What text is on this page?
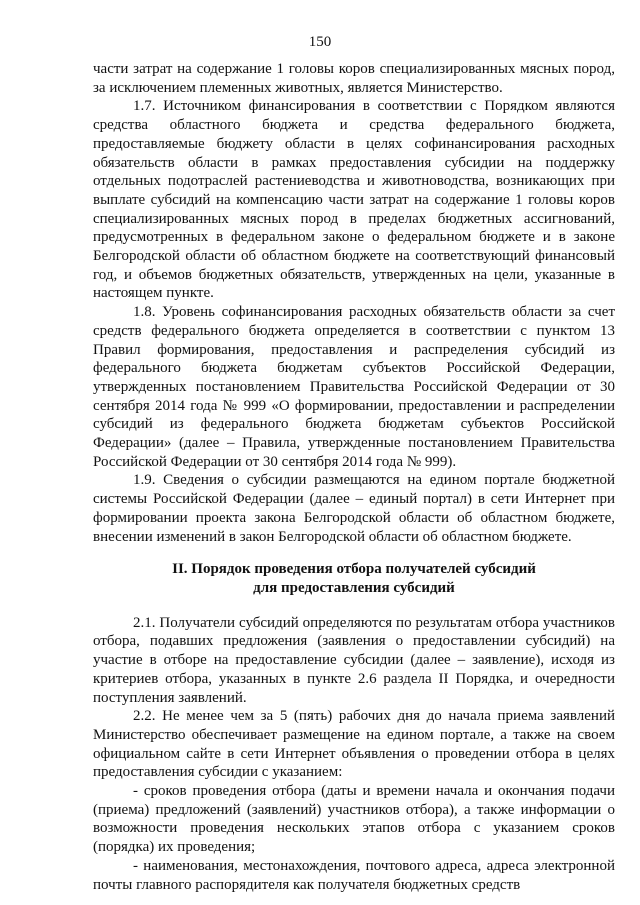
150

части затрат на содержание 1 головы коров специализированных мясных пород, за исключением племенных животных, является Министерство.

1.7. Источником финансирования в соответствии с Порядком являются средства областного бюджета и средства федерального бюджета, предоставляемые бюджету области в целях софинансирования расходных обязательств области в рамках предоставления субсидии на поддержку отдельных подотраслей растениеводства и животноводства, возникающих при выплате субсидий на компенсацию части затрат на содержание 1 головы коров специализированных мясных пород в пределах бюджетных ассигнований, предусмотренных в федеральном законе о федеральном бюджете и в законе Белгородской области об областном бюджете на соответствующий финансовый год, и объемов бюджетных обязательств, утвержденных на цели, указанные в настоящем пункте.

1.8. Уровень софинансирования расходных обязательств области за счет средств федерального бюджета определяется в соответствии с пунктом 13 Правил формирования, предоставления и распределения субсидий из федерального бюджета бюджетам субъектов Российской Федерации, утвержденных постановлением Правительства Российской Федерации от 30 сентября 2014 года № 999 «О формировании, предоставлении и распределении субсидий из федерального бюджета бюджетам субъектов Российской Федерации» (далее – Правила, утвержденные постановлением Правительства Российской Федерации от 30 сентября 2014 года № 999).

1.9. Сведения о субсидии размещаются на едином портале бюджетной системы Российской Федерации (далее – единый портал) в сети Интернет при формировании проекта закона Белгородской области об областном бюджете, внесении изменений в закон Белгородской области об областном бюджете.

II. Порядок проведения отбора получателей субсидий
для предоставления субсидий

2.1. Получатели субсидий определяются по результатам отбора участников отбора, подавших предложения (заявления о предоставлении субсидий) на участие в отборе на предоставление субсидии (далее – заявление), исходя из критериев отбора, указанных в пункте 2.6 раздела II Порядка, и очередности поступления заявлений.

2.2. Не менее чем за 5 (пять) рабочих дня до начала приема заявлений Министерство обеспечивает размещение на едином портале, а также на своем официальном сайте в сети Интернет объявления о проведении отбора в целях предоставления субсидии с указанием:

- сроков проведения отбора (даты и времени начала и окончания подачи (приема) предложений (заявлений) участников отбора), а также информации о возможности проведения нескольких этапов отбора с указанием сроков (порядка) их проведения;

- наименования, местонахождения, почтового адреса, адреса электронной почты главного распорядителя как получателя бюджетных средств
